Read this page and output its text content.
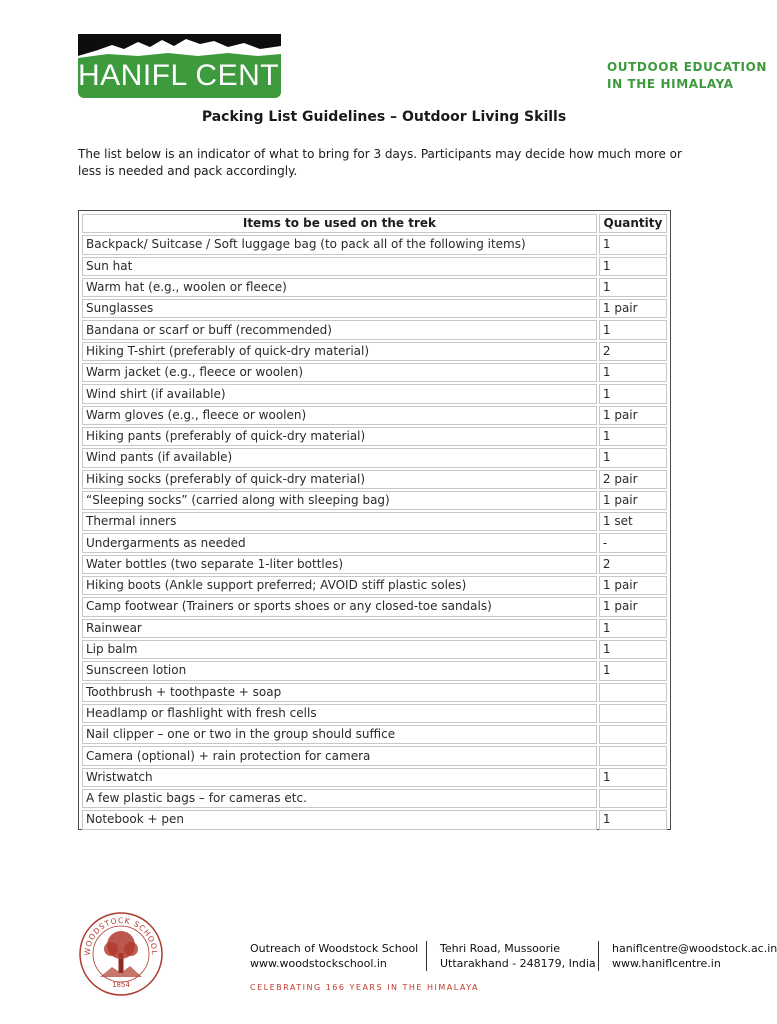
HANIFL CENTRE	OUTDOOR EDUCATION
IN THE HIMALAYA
Packing List Guidelines – Outdoor Living Skills

The list below is an indicator of what to bring for 3 days. Participants may decide how much more or less is needed and pack accordingly.

Items to be used on the trek	Quantity
Backpack/ Suitcase / Soft luggage bag (to pack all of the following items)	1
Sun hat	1
Warm hat (e.g., woolen or fleece)	1
Sunglasses	1 pair
Bandana or scarf or buff (recommended)	1
Hiking T-shirt (preferably of quick-dry material)	2
Warm jacket (e.g., fleece or woolen)	1
Wind shirt (if available)	1
Warm gloves (e.g., fleece or woolen)	1 pair
Hiking pants (preferably of quick-dry material)	1
Wind pants (if available)	1
Hiking socks (preferably of quick-dry material)	2 pair
“Sleeping socks” (carried along with sleeping bag)	1 pair
Thermal inners	1 set
Undergarments as needed	-
Water bottles (two separate 1-liter bottles)	2
Hiking boots (Ankle support preferred; AVOID stiff plastic soles)	1 pair
Camp footwear (Trainers or sports shoes or any closed-toe sandals)	1 pair
Rainwear	1
Lip balm	1
Sunscreen lotion	1
Toothbrush + toothpaste + soap	
Headlamp or flashlight with fresh cells	
Nail clipper – one or two in the group should suffice	
Camera (optional) + rain protection for camera	
Wristwatch	1
A few plastic bags – for cameras etc.	
Notebook + pen	1
WOODSTOCK SCHOOL
1854
Outreach of Woodstock School
www.woodstockschool.in
Tehri Road, Mussoorie
Uttarakhand - 248179, India
haniflcentre@woodstock.ac.in
www.haniflcentre.in
CELEBRATING 166 YEARS IN THE HIMALAYA
